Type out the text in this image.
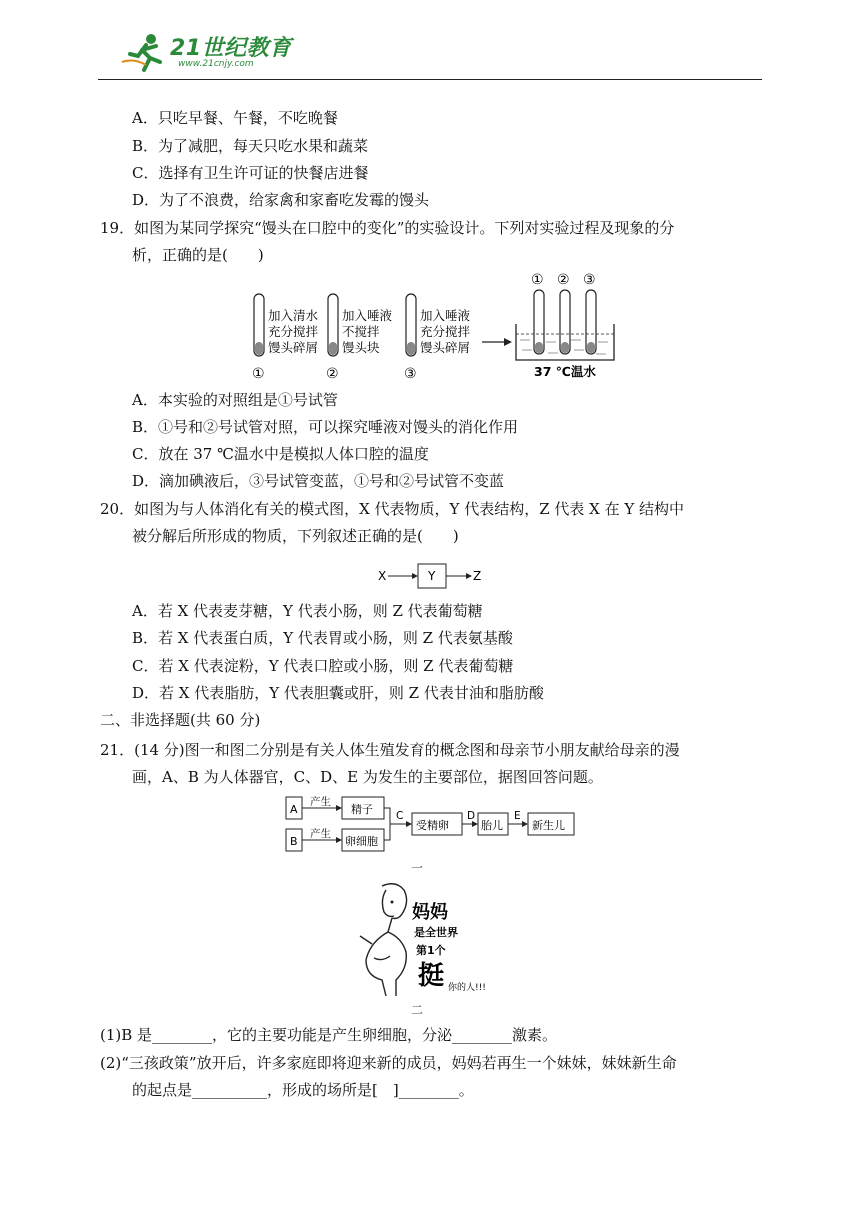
21世纪教育
www.21cnjy.com
A．只吃早餐、午餐，不吃晚餐
B．为了减肥，每天只吃水果和蔬菜
C．选择有卫生许可证的快餐店进餐
D．为了不浪费，给家禽和家畜吃发霉的馒头
19．如图为某同学探究“馒头在口腔中的变化”的实验设计。下列对实验过程及现象的分
析，正确的是(　　)
加入清水
充分搅拌
馒头碎屑
①
加入唾液
不搅拌
馒头块
②
加入唾液
充分搅拌
馒头碎屑
③
① ② ③
37 ℃温水
A．本实验的对照组是①号试管
B．①号和②号试管对照，可以探究唾液对馒头的消化作用
C．放在 37 ℃温水中是模拟人体口腔的温度
D．滴加碘液后，③号试管变蓝，①号和②号试管不变蓝
20．如图为与人体消化有关的模式图，X 代表物质，Y 代表结构，Z 代表 X 在 Y 结构中
被分解后所形成的物质，下列叙述正确的是(　　)
X	Y	Z
A．若 X 代表麦芽糖，Y 代表小肠，则 Z 代表葡萄糖
B．若 X 代表蛋白质，Y 代表胃或小肠，则 Z 代表氨基酸
C．若 X 代表淀粉，Y 代表口腔或小肠，则 Z 代表葡萄糖
D．若 X 代表脂肪，Y 代表胆囊或肝，则 Z 代表甘油和脂肪酸
二、非选择题(共 60 分)
21．(14 分)图一和图二分别是有关人体生殖发育的概念图和母亲节小朋友献给母亲的漫
画，A、B 为人体器官，C、D、E 为发生的主要部位，据图回答问题。
A
B
产生
产生
精子
卵细胞
C
受精卵
D
胎儿
E
新生儿
一
妈妈
是全世界
第1个
挺 你的人!!!
二
(1)B 是________，它的主要功能是产生卵细胞，分泌________激素。
(2)“三孩政策”放开后，许多家庭即将迎来新的成员，妈妈若再生一个妹妹，妹妹新生命
的起点是__________，形成的场所是[　]________。
